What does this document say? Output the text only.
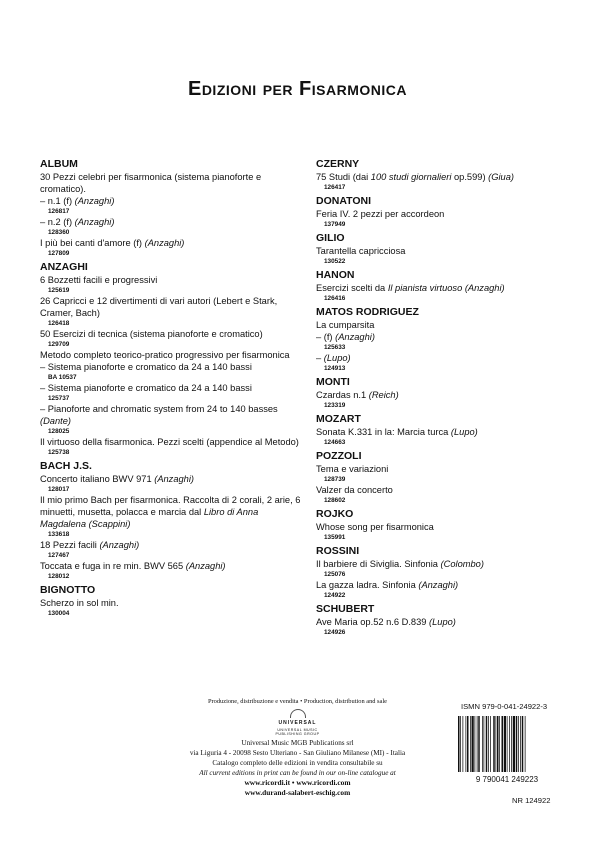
Edizioni per Fisarmonica
ALBUM
30 Pezzi celebri per fisarmonica (sistema pianoforte e cromatico).
– n.1 (f) (Anzaghi)
126817
– n.2 (f) (Anzaghi)
128360
I più bei canti d'amore (f) (Anzaghi)
127809
ANZAGHI
6 Bozzetti facili e progressivi
125619
26 Capricci e 12 divertimenti di vari autori (Lebert e Stark, Cramer, Bach)
126418
50 Esercizi di tecnica (sistema pianoforte e cromatico)
129709
Metodo completo teorico-pratico progressivo per fisarmonica
– Sistema pianoforte e cromatico da 24 a 140 bassi
BA 10537
– Sistema pianoforte e cromatico da 24 a 140 bassi
125737
– Pianoforte and chromatic system from 24 to 140 basses (Dante)
128025
Il virtuoso della fisarmonica. Pezzi scelti (appendice al Metodo)
125738
BACH J.S.
Concerto italiano BWV 971 (Anzaghi)
128017
Il mio primo Bach per fisarmonica. Raccolta di 2 corali, 2 arie, 6 minuetti, musetta, polacca e marcia dal Libro di Anna Magdalena (Scappini)
133618
18 Pezzi facili (Anzaghi)
127467
Toccata e fuga in re min. BWV 565 (Anzaghi)
128012
BIGNOTTO
Scherzo in sol min.
130004
CZERNY
75 Studi (dai 100 studi giornalieri op.599) (Giua)
126417
DONATONI
Feria IV. 2 pezzi per accordeon
137949
GILIO
Tarantella capricciosa
130522
HANON
Esercizi scelti da Il pianista virtuoso (Anzaghi)
126416
MATOS RODRIGUEZ
La cumparsita
– (f) (Anzaghi)
125633
– (Lupo)
124913
MONTI
Czardas n.1 (Reich)
123319
MOZART
Sonata K.331 in la: Marcia turca (Lupo)
124663
POZZOLI
Tema e variazioni
128739
Valzer da concerto
128602
ROJKO
Whose song per fisarmonica
135991
ROSSINI
Il barbiere di Siviglia. Sinfonia (Colombo)
125076
La gazza ladra. Sinfonia (Anzaghi)
124922
SCHUBERT
Ave Maria op.52 n.6 D.839 (Lupo)
124926
Produzione, distribuzione e vendita • Production, distribution and sale
UNIVERSAL
UNIVERSAL MUSIC
PUBLISHING GROUP
Universal Music MGB Publications srl
via Liguria 4 - 20098 Sesto Ulteriano - San Giuliano Milanese (MI) - Italia
Catalogo completo delle edizioni in vendita consultabile su
All current editions in print can be found in our on-line catalogue at
www.ricordi.it • www.ricordi.com
www.durand-salabert-eschig.com
ISMN 979-0-041-24922-3
9 790041 249223
NR 124922
